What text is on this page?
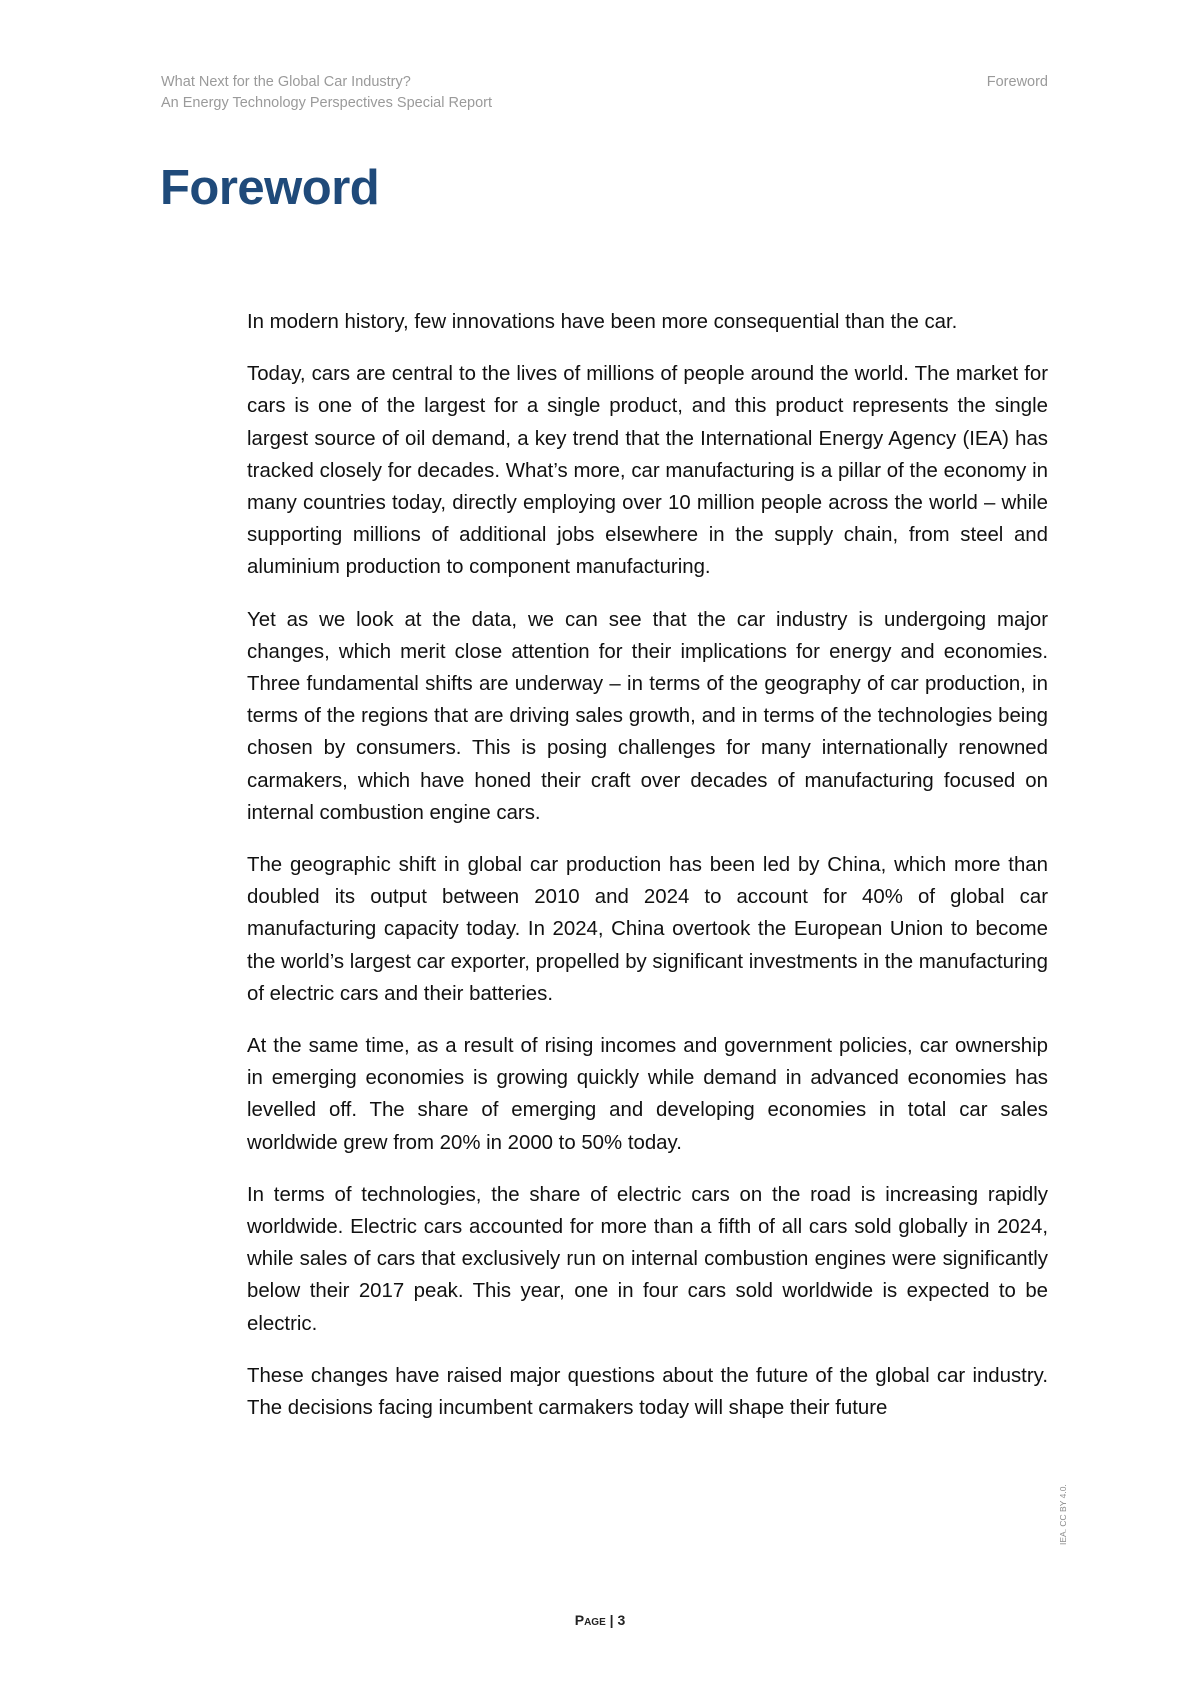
What Next for the Global Car Industry?
An Energy Technology Perspectives Special Report
Foreword
Foreword

In modern history, few innovations have been more consequential than the car.

Today, cars are central to the lives of millions of people around the world. The market for cars is one of the largest for a single product, and this product represents the single largest source of oil demand, a key trend that the International Energy Agency (IEA) has tracked closely for decades. What’s more, car manufacturing is a pillar of the economy in many countries today, directly employing over 10 million people across the world – while supporting millions of additional jobs elsewhere in the supply chain, from steel and aluminium production to component manufacturing.

Yet as we look at the data, we can see that the car industry is undergoing major changes, which merit close attention for their implications for energy and economies. Three fundamental shifts are underway – in terms of the geography of car production, in terms of the regions that are driving sales growth, and in terms of the technologies being chosen by consumers. This is posing challenges for many internationally renowned carmakers, which have honed their craft over decades of manufacturing focused on internal combustion engine cars.

The geographic shift in global car production has been led by China, which more than doubled its output between 2010 and 2024 to account for 40% of global car manufacturing capacity today. In 2024, China overtook the European Union to become the world’s largest car exporter, propelled by significant investments in the manufacturing of electric cars and their batteries.

At the same time, as a result of rising incomes and government policies, car ownership in emerging economies is growing quickly while demand in advanced economies has levelled off. The share of emerging and developing economies in total car sales worldwide grew from 20% in 2000 to 50% today.

In terms of technologies, the share of electric cars on the road is increasing rapidly worldwide. Electric cars accounted for more than a fifth of all cars sold globally in 2024, while sales of cars that exclusively run on internal combustion engines were significantly below their 2017 peak. This year, one in four cars sold worldwide is expected to be electric.

These changes have raised major questions about the future of the global car industry. The decisions facing incumbent carmakers today will shape their future

Page | 3
IEA. CC BY 4.0.
